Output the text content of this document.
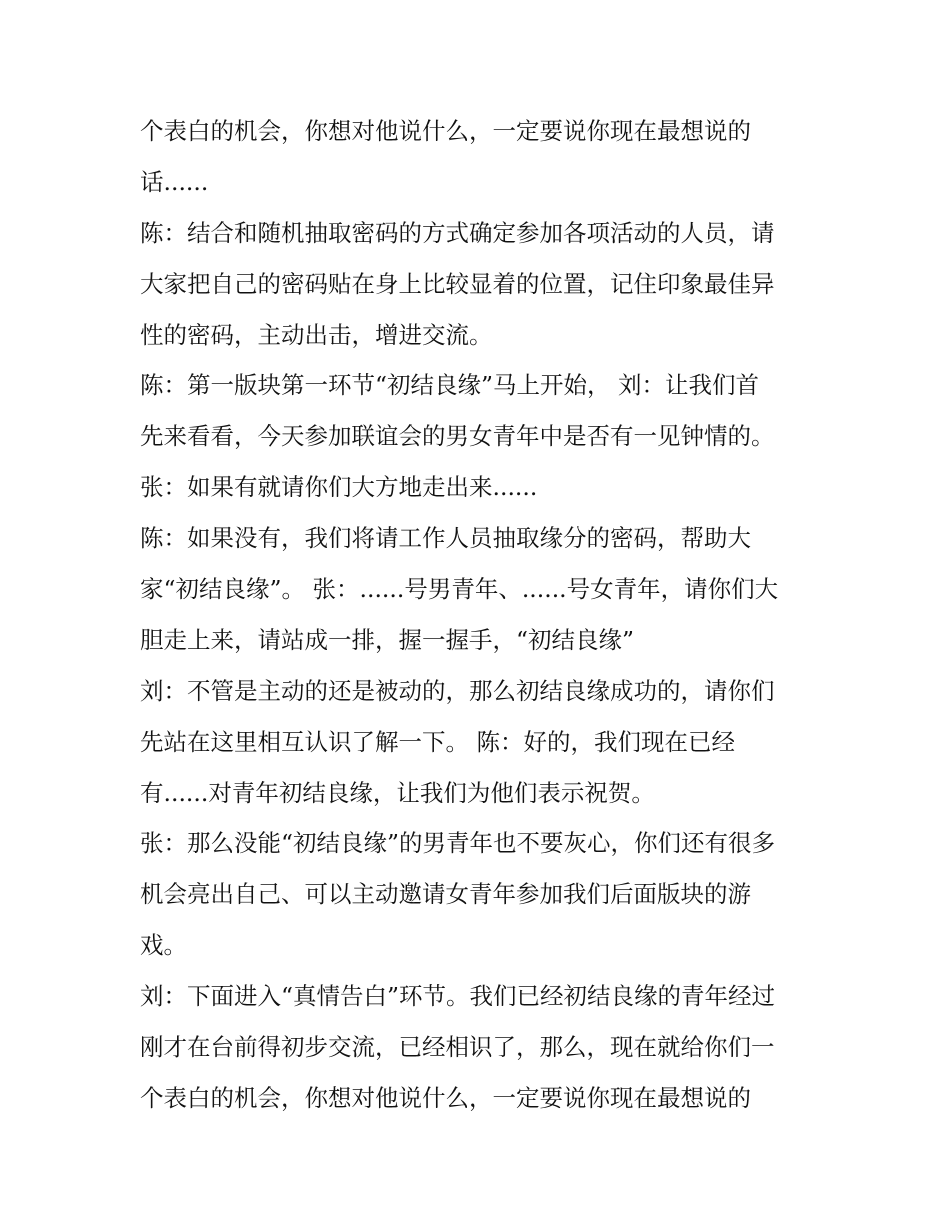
个表白的机会，你想对他说什么，一定要说你现在最想说的
话......
陈：结合和随机抽取密码的方式确定参加各项活动的人员，请
大家把自己的密码贴在身上比较显着的位置，记住印象最佳异
性的密码，主动出击，增进交流。
陈：第一版块第一环节“初结良缘”马上开始， 刘：让我们首
先来看看，今天参加联谊会的男女青年中是否有一见钟情的。
张：如果有就请你们大方地走出来......
陈：如果没有，我们将请工作人员抽取缘分的密码，帮助大
家“初结良缘”。 张：......号男青年、......号女青年，请你们大
胆走上来，请站成一排，握一握手，“初结良缘”
刘：不管是主动的还是被动的，那么初结良缘成功的，请你们
先站在这里相互认识了解一下。 陈：好的，我们现在已经
有......对青年初结良缘，让我们为他们表示祝贺。
张：那么没能“初结良缘”的男青年也不要灰心，你们还有很多
机会亮出自己、可以主动邀请女青年参加我们后面版块的游
戏。
刘：下面进入“真情告白”环节。我们已经初结良缘的青年经过
刚才在台前得初步交流，已经相识了，那么，现在就给你们一
个表白的机会，你想对他说什么，一定要说你现在最想说的
